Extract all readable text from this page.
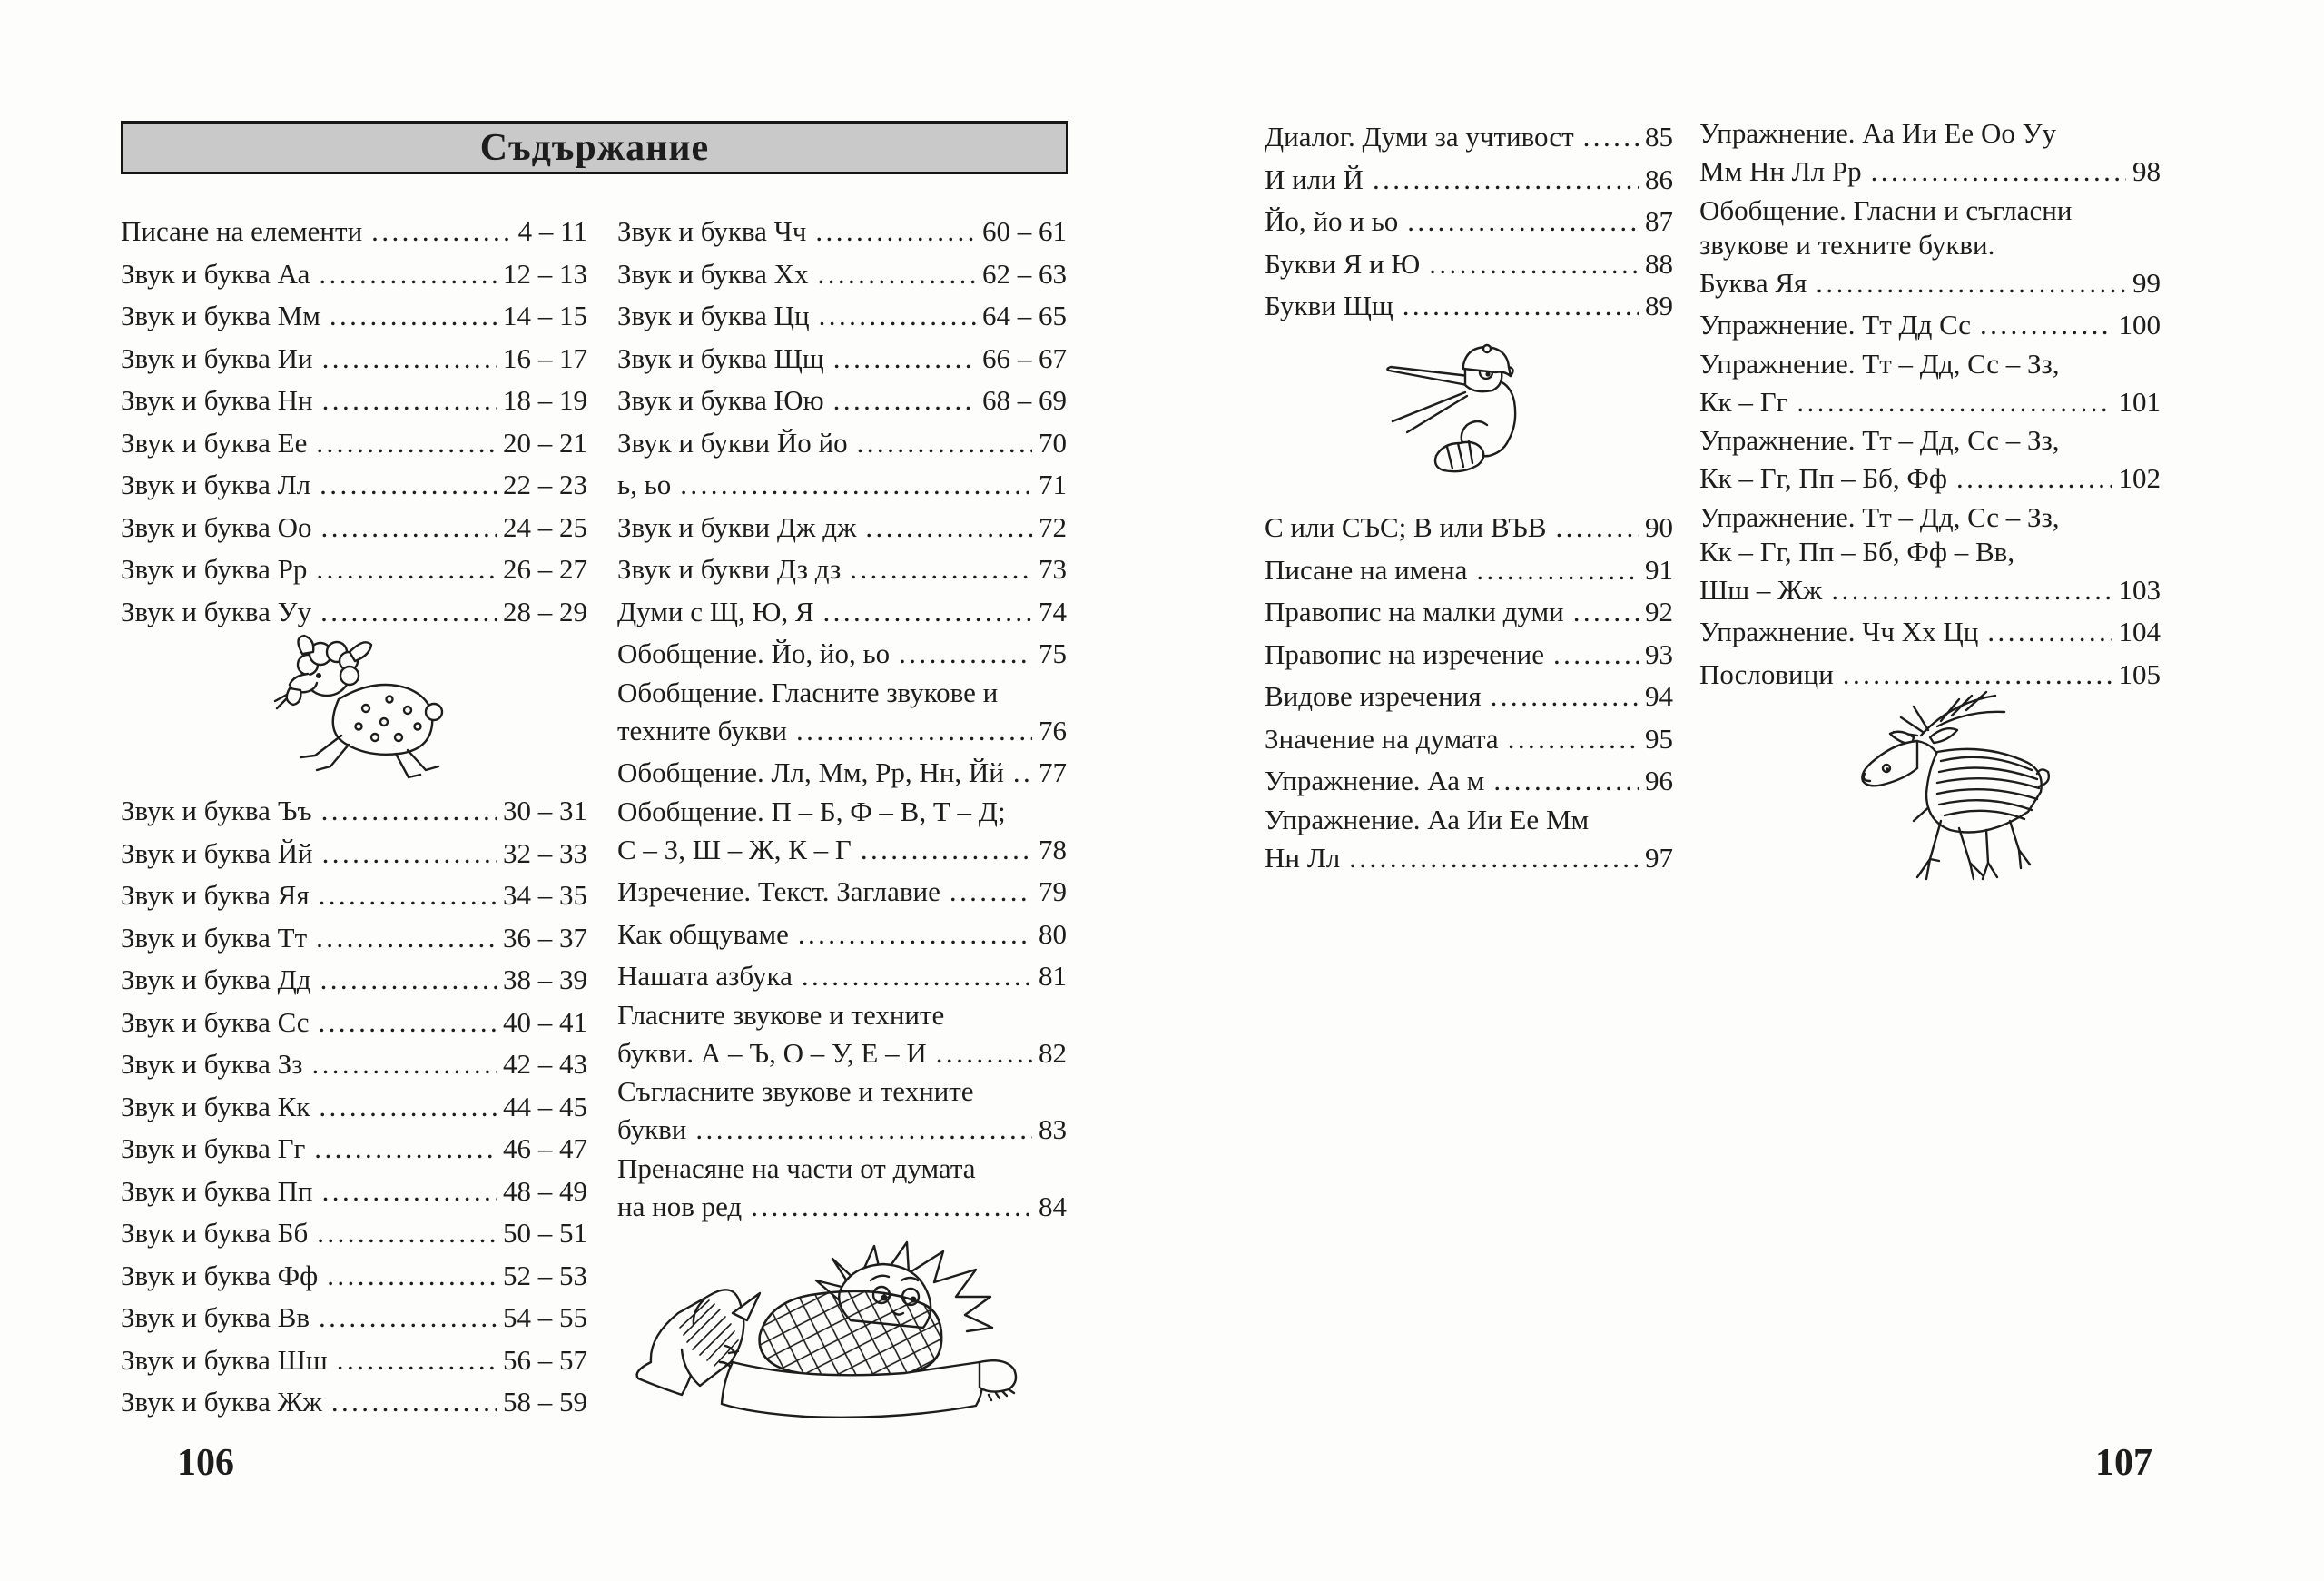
Съдържание
Писане на елементи .....	4 – 11
Звук и буква Аа .....	12 – 13
Звук и буква Мм .....	14 – 15
Звук и буква Ии .....	16 – 17
Звук и буква Нн .....	18 – 19
Звук и буква Ее .....	20 – 21
Звук и буква Лл .....	22 – 23
Звук и буква Оо .....	24 – 25
Звук и буква Рр .....	26 – 27
Звук и буква Уу .....	28 – 29
Звук и буква Ъъ .....	30 – 31
Звук и буква Йй .....	32 – 33
Звук и буква Яя .....	34 – 35
Звук и буква Тт .....	36 – 37
Звук и буква Дд .....	38 – 39
Звук и буква Сс .....	40 – 41
Звук и буква Зз .....	42 – 43
Звук и буква Кк .....	44 – 45
Звук и буква Гг .....	46 – 47
Звук и буква Пп .....	48 – 49
Звук и буква Бб .....	50 – 51
Звук и буква Фф .....	52 – 53
Звук и буква Вв .....	54 – 55
Звук и буква Шш .....	56 – 57
Звук и буква Жж .....	58 – 59
Звук и буква Чч .....	60 – 61
Звук и буква Хх .....	62 – 63
Звук и буква Цц .....	64 – 65
Звук и буква Щщ .....	66 – 67
Звук и буква Юю .....	68 – 69
Звук и букви Йо йо .....	70
ь, ьо .....	71
Звук и букви Дж дж .....	72
Звук и букви Дз дз .....	73
Думи с Щ, Ю, Я .....	74
Обобщение. Йо, йо, ьо .....	75
Обобщение. Гласните звукове и
техните букви .....	76
Обобщение. Лл, Мм, Рр, Нн, Йй ..... 77
Обобщение. П – Б, Ф – В, Т – Д;
С – З, Ш – Ж, К – Г .....	78
Изречение. Текст. Заглавие .....	79
Как общуваме .....	80
Нашата азбука .....	81
Гласните звукове и техните
букви. А – Ъ, О – У, Е – И .....	82
Съгласните звукове и техните
букви .....	83
Пренасяне на части от думата
на нов ред .....	84
106
Диалог. Думи за учтивост .....	85
И или Й .....	86
Йо, йо и ьо .....	87
Букви Я и Ю .....	88
Букви Щщ .....	89
С или СЪС; В или ВЪВ .....	90
Писане на имена .....	91
Правопис на малки думи .....	92
Правопис на изречение .....	93
Видове изречения .....	94
Значение на думата .....	95
Упражнение. Аа м .....	96
Упражнение. Аа Ии Ее Мм
Нн Лл .....	97
Упражнение. Аа Ии Ее Оо Уу
Мм Нн Лл Рр .....	98
Обобщение. Гласни и съгласни
звукове и техните букви.
Буква Яя .....	99
Упражнение. Тт Дд Сс .....	100
Упражнение. Тт – Дд, Сс – Зз,
Кк – Гг .....	101
Упражнение. Тт – Дд, Сс – Зз,
Кк – Гг, Пп – Бб, Фф .....	102
Упражнение. Тт – Дд, Сс – Зз,
Кк – Гг, Пп – Бб, Фф – Вв,
Шш – Жж .....	103
Упражнение. Чч Хх Цц .....	104
Пословици .....	105
107
